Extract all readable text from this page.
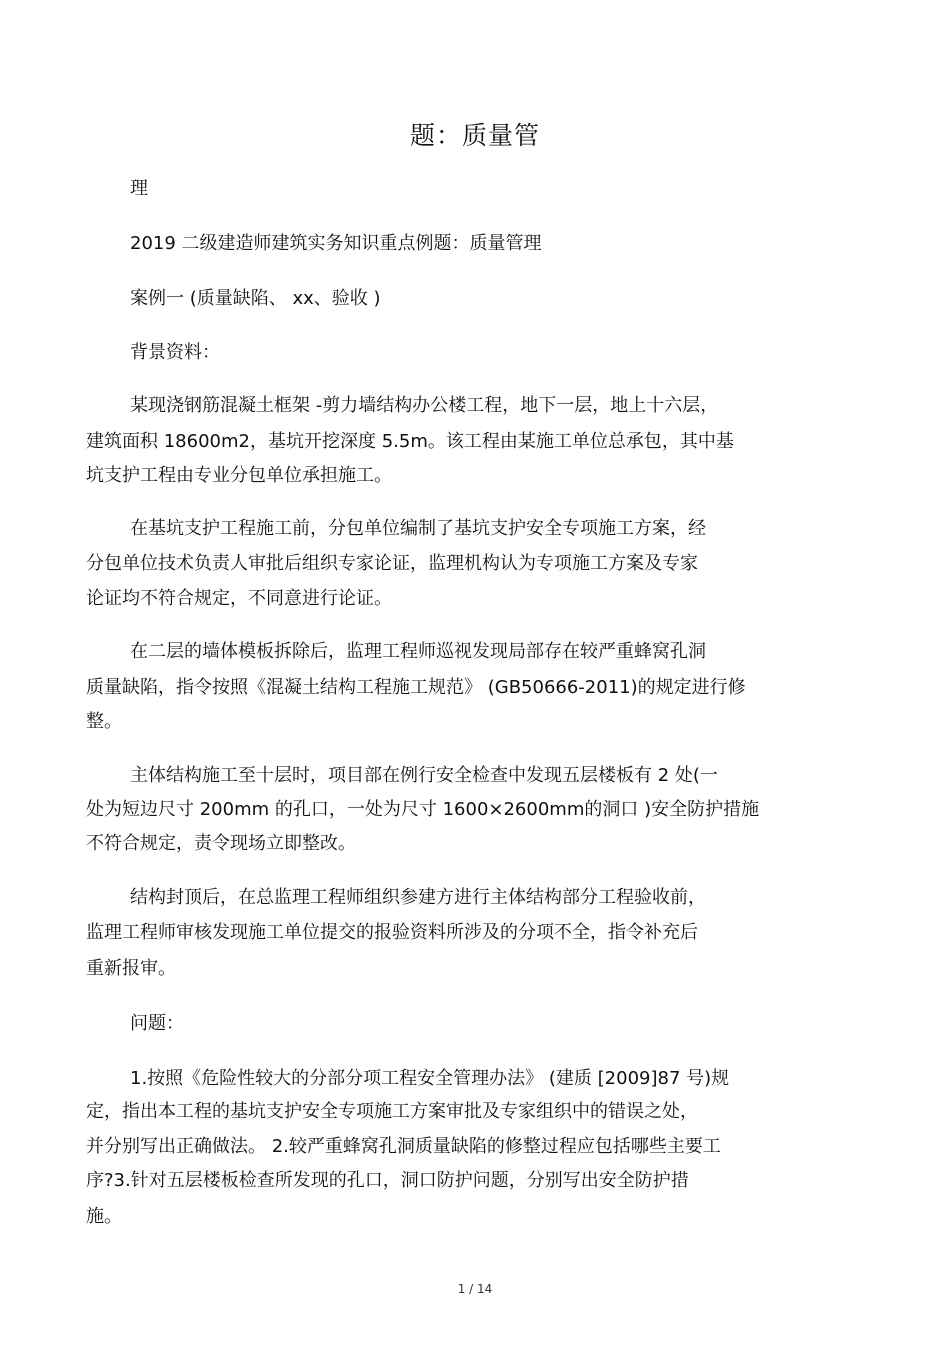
题：质量管
理
2019 二级建造师建筑实务知识重点例题：质量管理
案例一 (质量缺陷、 xx、验收 )
背景资料：
某现浇钢筋混凝土框架 -剪力墙结构办公楼工程，地下一层，地上十六层，
建筑面积 18600m2，基坑开挖深度 5.5m。该工程由某施工单位总承包，其中基
坑支护工程由专业分包单位承担施工。
在基坑支护工程施工前，分包单位编制了基坑支护安全专项施工方案，经
分包单位技术负责人审批后组织专家论证，监理机构认为专项施工方案及专家
论证均不符合规定，不同意进行论证。
在二层的墙体模板拆除后，监理工程师巡视发现局部存在较严重蜂窝孔洞
质量缺陷，指令按照《混凝土结构工程施工规范》 (GB50666-2011)的规定进行修
整。
主体结构施工至十层时，项目部在例行安全检查中发现五层楼板有 2 处(一
处为短边尺寸 200mm 的孔口，一处为尺寸 1600×2600mm的洞口 )安全防护措施
不符合规定，责令现场立即整改。
结构封顶后，在总监理工程师组织参建方进行主体结构部分工程验收前，
监理工程师审核发现施工单位提交的报验资料所涉及的分项不全，指令补充后
重新报审。
问题：
1.按照《危险性较大的分部分项工程安全管理办法》 (建质 [2009]87 号)规
定，指出本工程的基坑支护安全专项施工方案审批及专家组织中的错误之处，
并分别写出正确做法。 2.较严重蜂窝孔洞质量缺陷的修整过程应包括哪些主要工
序?3.针对五层楼板检查所发现的孔口，洞口防护问题，分别写出安全防护措
施。
1 / 14
